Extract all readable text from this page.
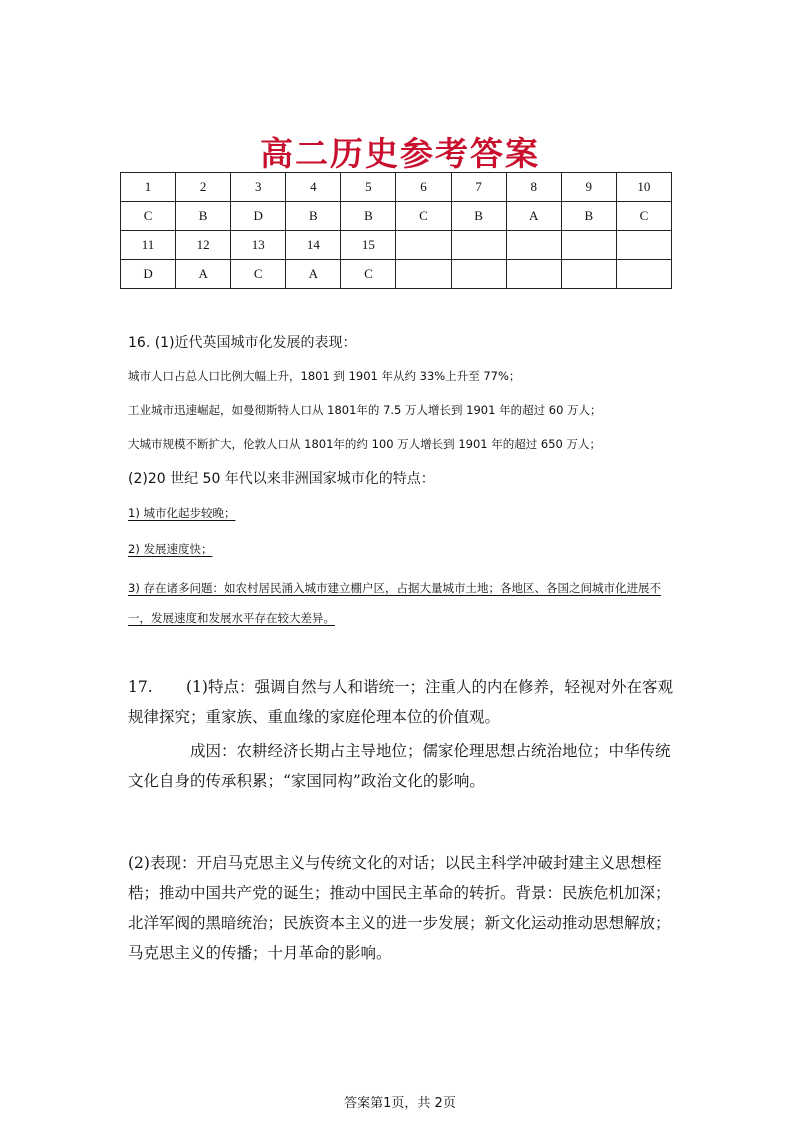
高二历史参考答案
1	2	3	4	5	6	7	8	9	10
C	B	D	B	B	C	B	A	B	C
11	12	13	14	15					
D	A	C	A	C					

16. (1)近代英国城市化发展的表现：

城市人口占总人口比例大幅上升，1801 到 1901 年从约 33%上升至 77%；

工业城市迅速崛起，如曼彻斯特人口从 1801年的 7.5 万人增长到 1901 年的超过 60 万人；

大城市规模不断扩大，伦敦人口从 1801年的约 100 万人增长到 1901 年的超过 650 万人；

(2)20 世纪 50 年代以来非洲国家城市化的特点：

1) 城市化起步较晚；

2) 发展速度快；

3) 存在诸多问题：如农村居民涌入城市建立棚户区，占据大量城市土地；各地区、各国之间城市化进展不一，发展速度和发展水平存在较大差异。

17. (1)特点：强调自然与人和谐统一；注重人的内在修养，轻视对外在客观规律探究；重家族、重血缘的家庭伦理本位的价值观。

成因：农耕经济长期占主导地位；儒家伦理思想占统治地位；中华传统文化自身的传承积累；“家国同构”政治文化的影响。

(2)表现：开启马克思主义与传统文化的对话；以民主科学冲破封建主义思想桎梏；推动中国共产党的诞生；推动中国民主革命的转折。背景：民族危机加深；北洋军阀的黑暗统治；民族资本主义的进一步发展；新文化运动推动思想解放；马克思主义的传播；十月革命的影响。

答案第1页，共 2页
